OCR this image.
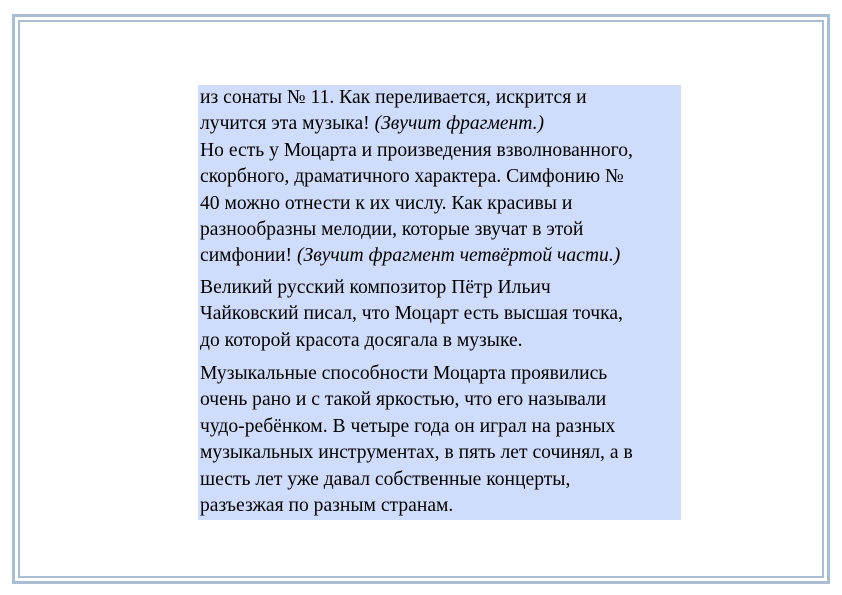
из сонаты № 11. Как переливается, искрится и
лучится эта музыка! (Звучит фрагмент.)

Но есть у Моцарта и произведения взволнованного,
скорбного, драматичного характера. Симфонию №
40 можно отнести к их числу. Как красивы и
разнообразны мелодии, которые звучат в этой
симфонии! (Звучит фрагмент четвёртой части.)

Великий русский композитор Пётр Ильич
Чайковский писал, что Моцарт есть высшая точка,
до которой красота досягала в музыке.

Музыкальные способности Моцарта проявились
очень рано и с такой яркостью, что его называли
чудо-ребёнком. В четыре года он играл на разных
музыкальных инструментах, в пять лет сочинял, а в
шесть лет уже давал собственные концерты,
разъезжая по разным странам.
